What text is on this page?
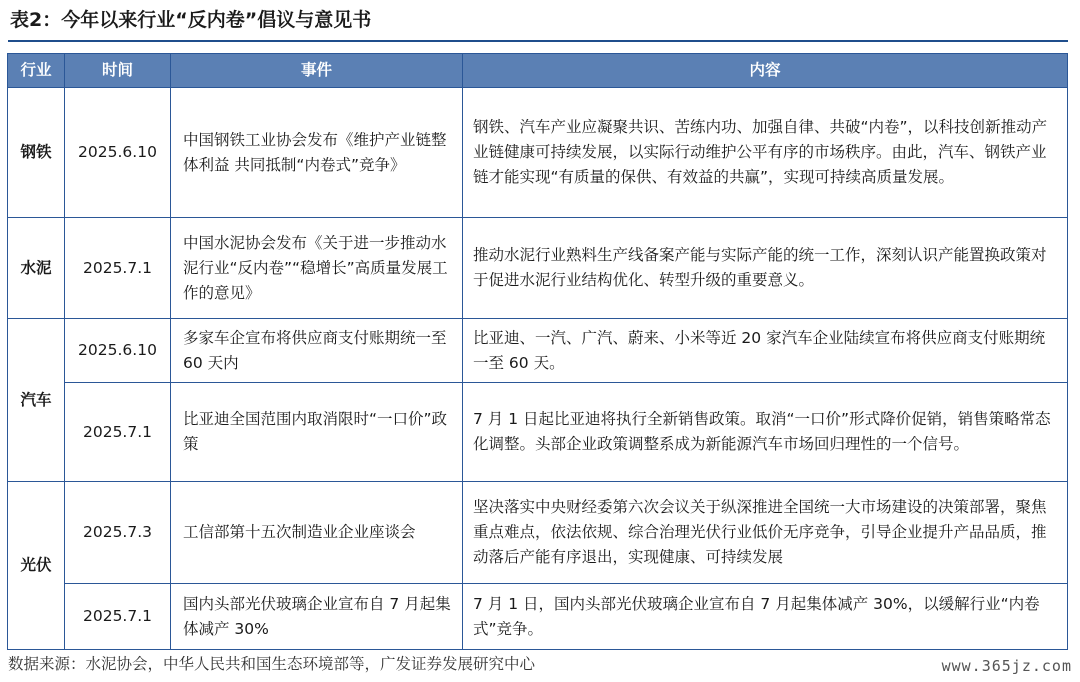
表2：今年以来行业“反内卷”倡议与意见书
行业	时间	事件	内容
钢铁	2025.6.10	中国钢铁工业协会发布《维护产业链整体利益 共同抵制“内卷式”竞争》	钢铁、汽车产业应凝聚共识、苦练内功、加强自律、共破“内卷”，以科技创新推动产业链健康可持续发展，以实际行动维护公平有序的市场秩序。由此，汽车、钢铁产业链才能实现“有质量的保供、有效益的共赢”，实现可持续高质量发展。
水泥	2025.7.1	中国水泥协会发布《关于进一步推动水泥行业“反内卷”“稳增长”高质量发展工作的意见》	推动水泥行业熟料生产线备案产能与实际产能的统一工作，深刻认识产能置换政策对于促进水泥行业结构优化、转型升级的重要意义。
汽车	2025.6.10	多家车企宣布将供应商支付账期统一至 60 天内	比亚迪、一汽、广汽、蔚来、小米等近 20 家汽车企业陆续宣布将供应商支付账期统一至 60 天。
	2025.7.1	比亚迪全国范围内取消限时“一口价”政策	7 月 1 日起比亚迪将执行全新销售政策。取消“一口价”形式降价促销，销售策略常态化调整。头部企业政策调整系成为新能源汽车市场回归理性的一个信号。
光伏	2025.7.3	工信部第十五次制造业企业座谈会	坚决落实中央财经委第六次会议关于纵深推进全国统一大市场建设的决策部署，聚焦重点难点，依法依规、综合治理光伏行业低价无序竞争，引导企业提升产品品质，推动落后产能有序退出，实现健康、可持续发展
	2025.7.1	国内头部光伏玻璃企业宣布自 7 月起集体减产 30%	7 月 1 日，国内头部光伏玻璃企业宣布自 7 月起集体减产 30%，以缓解行业“内卷式”竞争。
数据来源：水泥协会，中华人民共和国生态环境部等，广发证券发展研究中心	www.365jz.com
